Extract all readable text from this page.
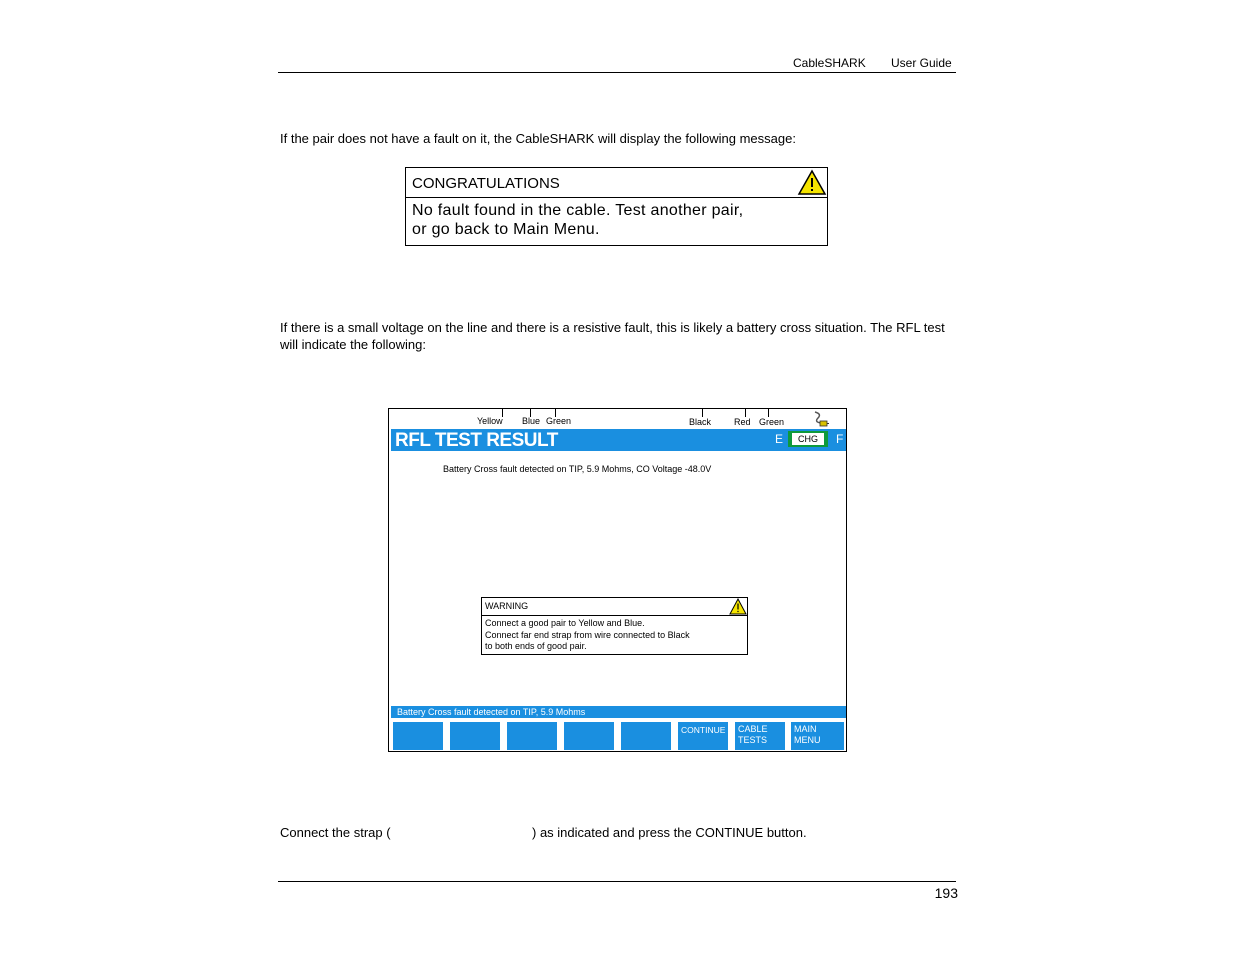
CableSHARK User Guide
If the pair does not have a fault on it, the CableSHARK will display the following message:
CONGRATULATIONS
No fault found in the cable. Test another pair,
or go back to Main Menu.
If there is a small voltage on the line and there is a resistive fault, this is likely a battery cross situation. The RFL test will indicate the following:
Yellow Blue Green	Black	Red Green
RFL TEST RESULT	E	CHG	F
Battery Cross fault detected on TIP, 5.9 Mohms, CO Voltage -48.0V
WARNING
Connect a good pair to Yellow and Blue.
Connect far end strap from wire connected to Black
to both ends of good pair.
Battery Cross fault detected on TIP, 5.9 Mohms
CONTINUE CABLE
TESTS
MAIN
MENU
Connect the strap (	) as indicated and press the CONTINUE button.
193
